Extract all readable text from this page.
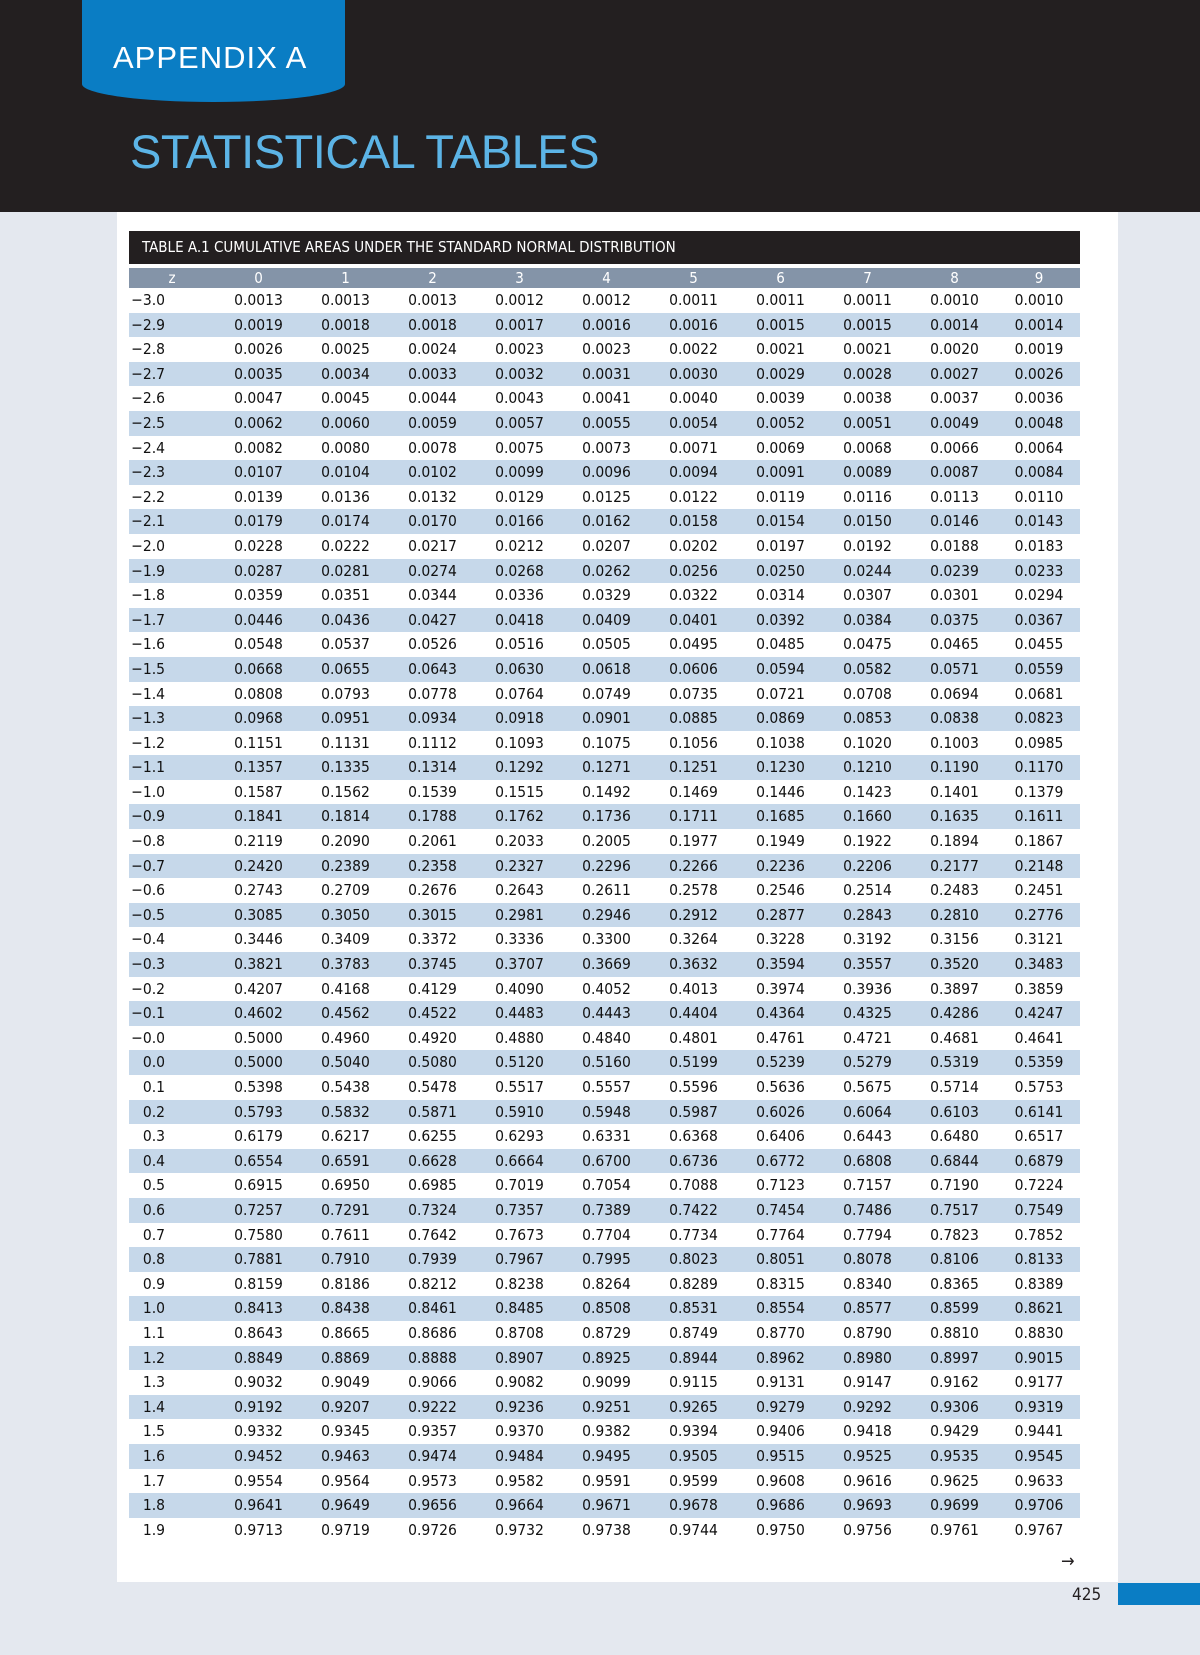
APPENDIX A
STATISTICAL TABLES
TABLE A.1 CUMULATIVE AREAS UNDER THE STANDARD NORMAL DISTRIBUTION
z	0	1	2	3	4	5	6	7	8	9
−3.0	0.0013	0.0013	0.0013	0.0012	0.0012	0.0011	0.0011	0.0011	0.0010	0.0010
−2.9	0.0019	0.0018	0.0018	0.0017	0.0016	0.0016	0.0015	0.0015	0.0014	0.0014
−2.8	0.0026	0.0025	0.0024	0.0023	0.0023	0.0022	0.0021	0.0021	0.0020	0.0019
−2.7	0.0035	0.0034	0.0033	0.0032	0.0031	0.0030	0.0029	0.0028	0.0027	0.0026
−2.6	0.0047	0.0045	0.0044	0.0043	0.0041	0.0040	0.0039	0.0038	0.0037	0.0036
−2.5	0.0062	0.0060	0.0059	0.0057	0.0055	0.0054	0.0052	0.0051	0.0049	0.0048
−2.4	0.0082	0.0080	0.0078	0.0075	0.0073	0.0071	0.0069	0.0068	0.0066	0.0064
−2.3	0.0107	0.0104	0.0102	0.0099	0.0096	0.0094	0.0091	0.0089	0.0087	0.0084
−2.2	0.0139	0.0136	0.0132	0.0129	0.0125	0.0122	0.0119	0.0116	0.0113	0.0110
−2.1	0.0179	0.0174	0.0170	0.0166	0.0162	0.0158	0.0154	0.0150	0.0146	0.0143
−2.0	0.0228	0.0222	0.0217	0.0212	0.0207	0.0202	0.0197	0.0192	0.0188	0.0183
−1.9	0.0287	0.0281	0.0274	0.0268	0.0262	0.0256	0.0250	0.0244	0.0239	0.0233
−1.8	0.0359	0.0351	0.0344	0.0336	0.0329	0.0322	0.0314	0.0307	0.0301	0.0294
−1.7	0.0446	0.0436	0.0427	0.0418	0.0409	0.0401	0.0392	0.0384	0.0375	0.0367
−1.6	0.0548	0.0537	0.0526	0.0516	0.0505	0.0495	0.0485	0.0475	0.0465	0.0455
−1.5	0.0668	0.0655	0.0643	0.0630	0.0618	0.0606	0.0594	0.0582	0.0571	0.0559
−1.4	0.0808	0.0793	0.0778	0.0764	0.0749	0.0735	0.0721	0.0708	0.0694	0.0681
−1.3	0.0968	0.0951	0.0934	0.0918	0.0901	0.0885	0.0869	0.0853	0.0838	0.0823
−1.2	0.1151	0.1131	0.1112	0.1093	0.1075	0.1056	0.1038	0.1020	0.1003	0.0985
−1.1	0.1357	0.1335	0.1314	0.1292	0.1271	0.1251	0.1230	0.1210	0.1190	0.1170
−1.0	0.1587	0.1562	0.1539	0.1515	0.1492	0.1469	0.1446	0.1423	0.1401	0.1379
−0.9	0.1841	0.1814	0.1788	0.1762	0.1736	0.1711	0.1685	0.1660	0.1635	0.1611
−0.8	0.2119	0.2090	0.2061	0.2033	0.2005	0.1977	0.1949	0.1922	0.1894	0.1867
−0.7	0.2420	0.2389	0.2358	0.2327	0.2296	0.2266	0.2236	0.2206	0.2177	0.2148
−0.6	0.2743	0.2709	0.2676	0.2643	0.2611	0.2578	0.2546	0.2514	0.2483	0.2451
−0.5	0.3085	0.3050	0.3015	0.2981	0.2946	0.2912	0.2877	0.2843	0.2810	0.2776
−0.4	0.3446	0.3409	0.3372	0.3336	0.3300	0.3264	0.3228	0.3192	0.3156	0.3121
−0.3	0.3821	0.3783	0.3745	0.3707	0.3669	0.3632	0.3594	0.3557	0.3520	0.3483
−0.2	0.4207	0.4168	0.4129	0.4090	0.4052	0.4013	0.3974	0.3936	0.3897	0.3859
−0.1	0.4602	0.4562	0.4522	0.4483	0.4443	0.4404	0.4364	0.4325	0.4286	0.4247
−0.0	0.5000	0.4960	0.4920	0.4880	0.4840	0.4801	0.4761	0.4721	0.4681	0.4641
0.0	0.5000	0.5040	0.5080	0.5120	0.5160	0.5199	0.5239	0.5279	0.5319	0.5359
0.1	0.5398	0.5438	0.5478	0.5517	0.5557	0.5596	0.5636	0.5675	0.5714	0.5753
0.2	0.5793	0.5832	0.5871	0.5910	0.5948	0.5987	0.6026	0.6064	0.6103	0.6141
0.3	0.6179	0.6217	0.6255	0.6293	0.6331	0.6368	0.6406	0.6443	0.6480	0.6517
0.4	0.6554	0.6591	0.6628	0.6664	0.6700	0.6736	0.6772	0.6808	0.6844	0.6879
0.5	0.6915	0.6950	0.6985	0.7019	0.7054	0.7088	0.7123	0.7157	0.7190	0.7224
0.6	0.7257	0.7291	0.7324	0.7357	0.7389	0.7422	0.7454	0.7486	0.7517	0.7549
0.7	0.7580	0.7611	0.7642	0.7673	0.7704	0.7734	0.7764	0.7794	0.7823	0.7852
0.8	0.7881	0.7910	0.7939	0.7967	0.7995	0.8023	0.8051	0.8078	0.8106	0.8133
0.9	0.8159	0.8186	0.8212	0.8238	0.8264	0.8289	0.8315	0.8340	0.8365	0.8389
1.0	0.8413	0.8438	0.8461	0.8485	0.8508	0.8531	0.8554	0.8577	0.8599	0.8621
1.1	0.8643	0.8665	0.8686	0.8708	0.8729	0.8749	0.8770	0.8790	0.8810	0.8830
1.2	0.8849	0.8869	0.8888	0.8907	0.8925	0.8944	0.8962	0.8980	0.8997	0.9015
1.3	0.9032	0.9049	0.9066	0.9082	0.9099	0.9115	0.9131	0.9147	0.9162	0.9177
1.4	0.9192	0.9207	0.9222	0.9236	0.9251	0.9265	0.9279	0.9292	0.9306	0.9319
1.5	0.9332	0.9345	0.9357	0.9370	0.9382	0.9394	0.9406	0.9418	0.9429	0.9441
1.6	0.9452	0.9463	0.9474	0.9484	0.9495	0.9505	0.9515	0.9525	0.9535	0.9545
1.7	0.9554	0.9564	0.9573	0.9582	0.9591	0.9599	0.9608	0.9616	0.9625	0.9633
1.8	0.9641	0.9649	0.9656	0.9664	0.9671	0.9678	0.9686	0.9693	0.9699	0.9706
1.9	0.9713	0.9719	0.9726	0.9732	0.9738	0.9744	0.9750	0.9756	0.9761	0.9767
→
425
